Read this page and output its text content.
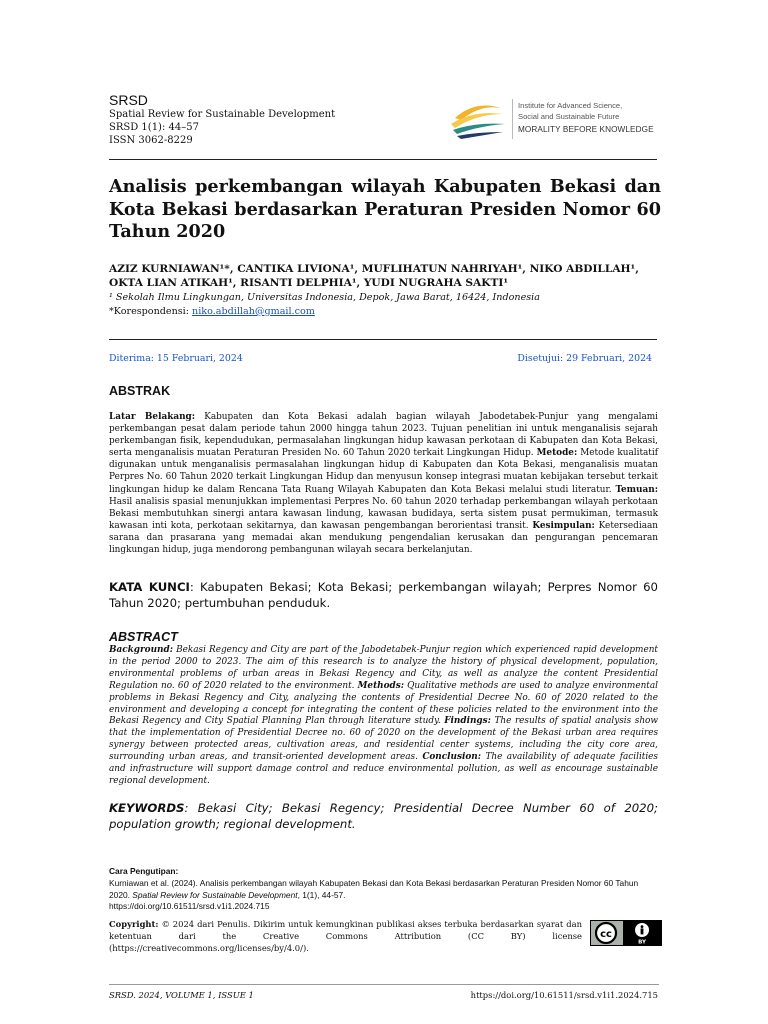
SRSD
Spatial Review for Sustainable Development
SRSD 1(1): 44–57
ISSN 3062-8229
Institute for Advanced Science,
Social and Sustainable Future
MORALITY BEFORE KNOWLEDGE
Analisis perkembangan wilayah Kabupaten Bekasi dan Kota Bekasi berdasarkan Peraturan Presiden Nomor 60 Tahun 2020
AZIZ KURNIAWAN¹*, CANTIKA LIVIONA¹, MUFLIHATUN NAHRIYAH¹, NIKO ABDILLAH¹, OKTA LIAN ATIKAH¹, RISANTI DELPHIA¹, YUDI NUGRAHA SAKTI¹
¹ Sekolah Ilmu Lingkungan, Universitas Indonesia, Depok, Jawa Barat, 16424, Indonesia
*Korespondensi: niko.abdillah@gmail.com
Diterima: 15 Februari, 2024	Disetujui: 29 Februari, 2024
ABSTRAK

Latar Belakang: Kabupaten dan Kota Bekasi adalah bagian wilayah Jabodetabek-Punjur yang mengalami perkembangan pesat dalam periode tahun 2000 hingga tahun 2023. Tujuan penelitian ini untuk menganalisis sejarah perkembangan fisik, kependudukan, permasalahan lingkungan hidup kawasan perkotaan di Kabupaten dan Kota Bekasi, serta menganalisis muatan Peraturan Presiden No. 60 Tahun 2020 terkait Lingkungan Hidup. Metode: Metode kualitatif digunakan untuk menganalisis permasalahan lingkungan hidup di Kabupaten dan Kota Bekasi, menganalisis muatan Perpres No. 60 Tahun 2020 terkait Lingkungan Hidup dan menyusun konsep integrasi muatan kebijakan tersebut terkait lingkungan hidup ke dalam Rencana Tata Ruang Wilayah Kabupaten dan Kota Bekasi melalui studi literatur. Temuan: Hasil analisis spasial menunjukkan implementasi Perpres No. 60 tahun 2020 terhadap perkembangan wilayah perkotaan Bekasi membutuhkan sinergi antara kawasan lindung, kawasan budidaya, serta sistem pusat permukiman, termasuk kawasan inti kota, perkotaan sekitarnya, dan kawasan pengembangan berorientasi transit. Kesimpulan: Ketersediaan sarana dan prasarana yang memadai akan mendukung pengendalian kerusakan dan pengurangan pencemaran lingkungan hidup, juga mendorong pembangunan wilayah secara berkelanjutan.

KATA KUNCI: Kabupaten Bekasi; Kota Bekasi; perkembangan wilayah; Perpres Nomor 60 Tahun 2020; pertumbuhan penduduk.

ABSTRACT

Background: Bekasi Regency and City are part of the Jabodetabek-Punjur region which experienced rapid development in the period 2000 to 2023. The aim of this research is to analyze the history of physical development, population, environmental problems of urban areas in Bekasi Regency and City, as well as analyze the content Presidential Regulation no. 60 of 2020 related to the environment. Methods: Qualitative methods are used to analyze environmental problems in Bekasi Regency and City, analyzing the contents of Presidential Decree No. 60 of 2020 related to the environment and developing a concept for integrating the content of these policies related to the environment into the Bekasi Regency and City Spatial Planning Plan through literature study. Findings: The results of spatial analysis show that the implementation of Presidential Decree no. 60 of 2020 on the development of the Bekasi urban area requires synergy between protected areas, cultivation areas, and residential center systems, including the city core area, surrounding urban areas, and transit-oriented development areas. Conclusion: The availability of adequate facilities and infrastructure will support damage control and reduce environmental pollution, as well as encourage sustainable regional development.

KEYWORDS: Bekasi City; Bekasi Regency; Presidential Decree Number 60 of 2020; population growth; regional development.

Cara Pengutipan:

Kurniawan et al. (2024). Analisis perkembangan wilayah Kabupaten Bekasi dan Kota Bekasi berdasarkan Peraturan Presiden Nomor 60 Tahun 2020. Spatial Review for Sustainable Development, 1(1), 44-57.
https://doi.org/10.61511/srsd.v1i1.2024.715

Copyright: © 2024 dari Penulis. Dikirim untuk kemungkinan publikasi akses terbuka berdasarkan syarat dan ketentuan dari the Creative Commons Attribution (CC BY) license (https://creativecommons.org/licenses/by/4.0/).

cc
BY
SRSD. 2024, VOLUME 1, ISSUE 1	https://doi.org/10.61511/srsd.v1i1.2024.715
